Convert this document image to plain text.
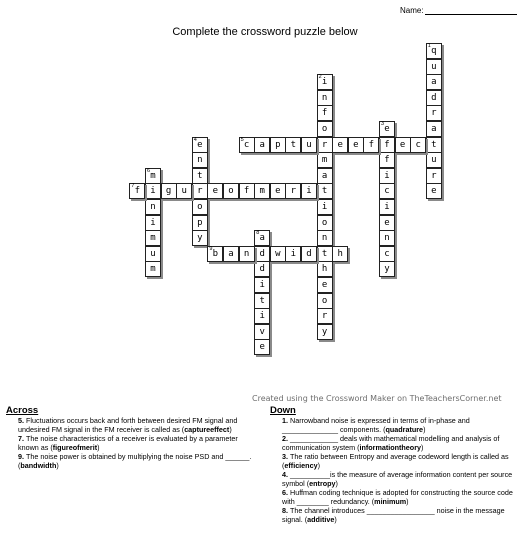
Name:
Complete the crossword puzzle below
1 q
u
a
d
r
a
t
u
r
e
2 i
n
f
o
r
m
a
t
i
o
n
t
h
e
o
r
y
3 e
f
f
i
c
i
e
n
c
y
4 e
n
t
r
o
p
y
5 c	a	p	t	u	e	e	f	e	c
6 m
i
n
i
m
u
m
7 f	g	u	e	o	f	m	e	r	i
8 a
d
d
i
t
i
v
e
9 b	a	n	w	i	d	h
Created using the Crossword Maker on TheTeachersCorner.net
Across
5. Fluctuations occurs back and forth between desired FM signal and undesired FM signal in the FM receiver is called as (captureeffect)
7. The noise characteristics of a receiver is evaluated by a parameter known as (figureofmerit)
9. The noise power is obtained by multiplying the noise PSD and ______. (bandwidth)
Down
1. Narrowband noise is expressed in terms of in-phase and ______________ components. (quadrature)
2. ____________ deals with mathematical modelling and analysis of communication system (informationtheory)
3. The ratio between Entropy and average codeword length is called as (efficiency)
4. __________is the measure of average information content per source symbol (entropy)
6. Huffman coding technique is adopted for constructing the source code with ________ redundancy. (minimum)
8. The channel introduces _________________ noise in the message signal. (additive)
